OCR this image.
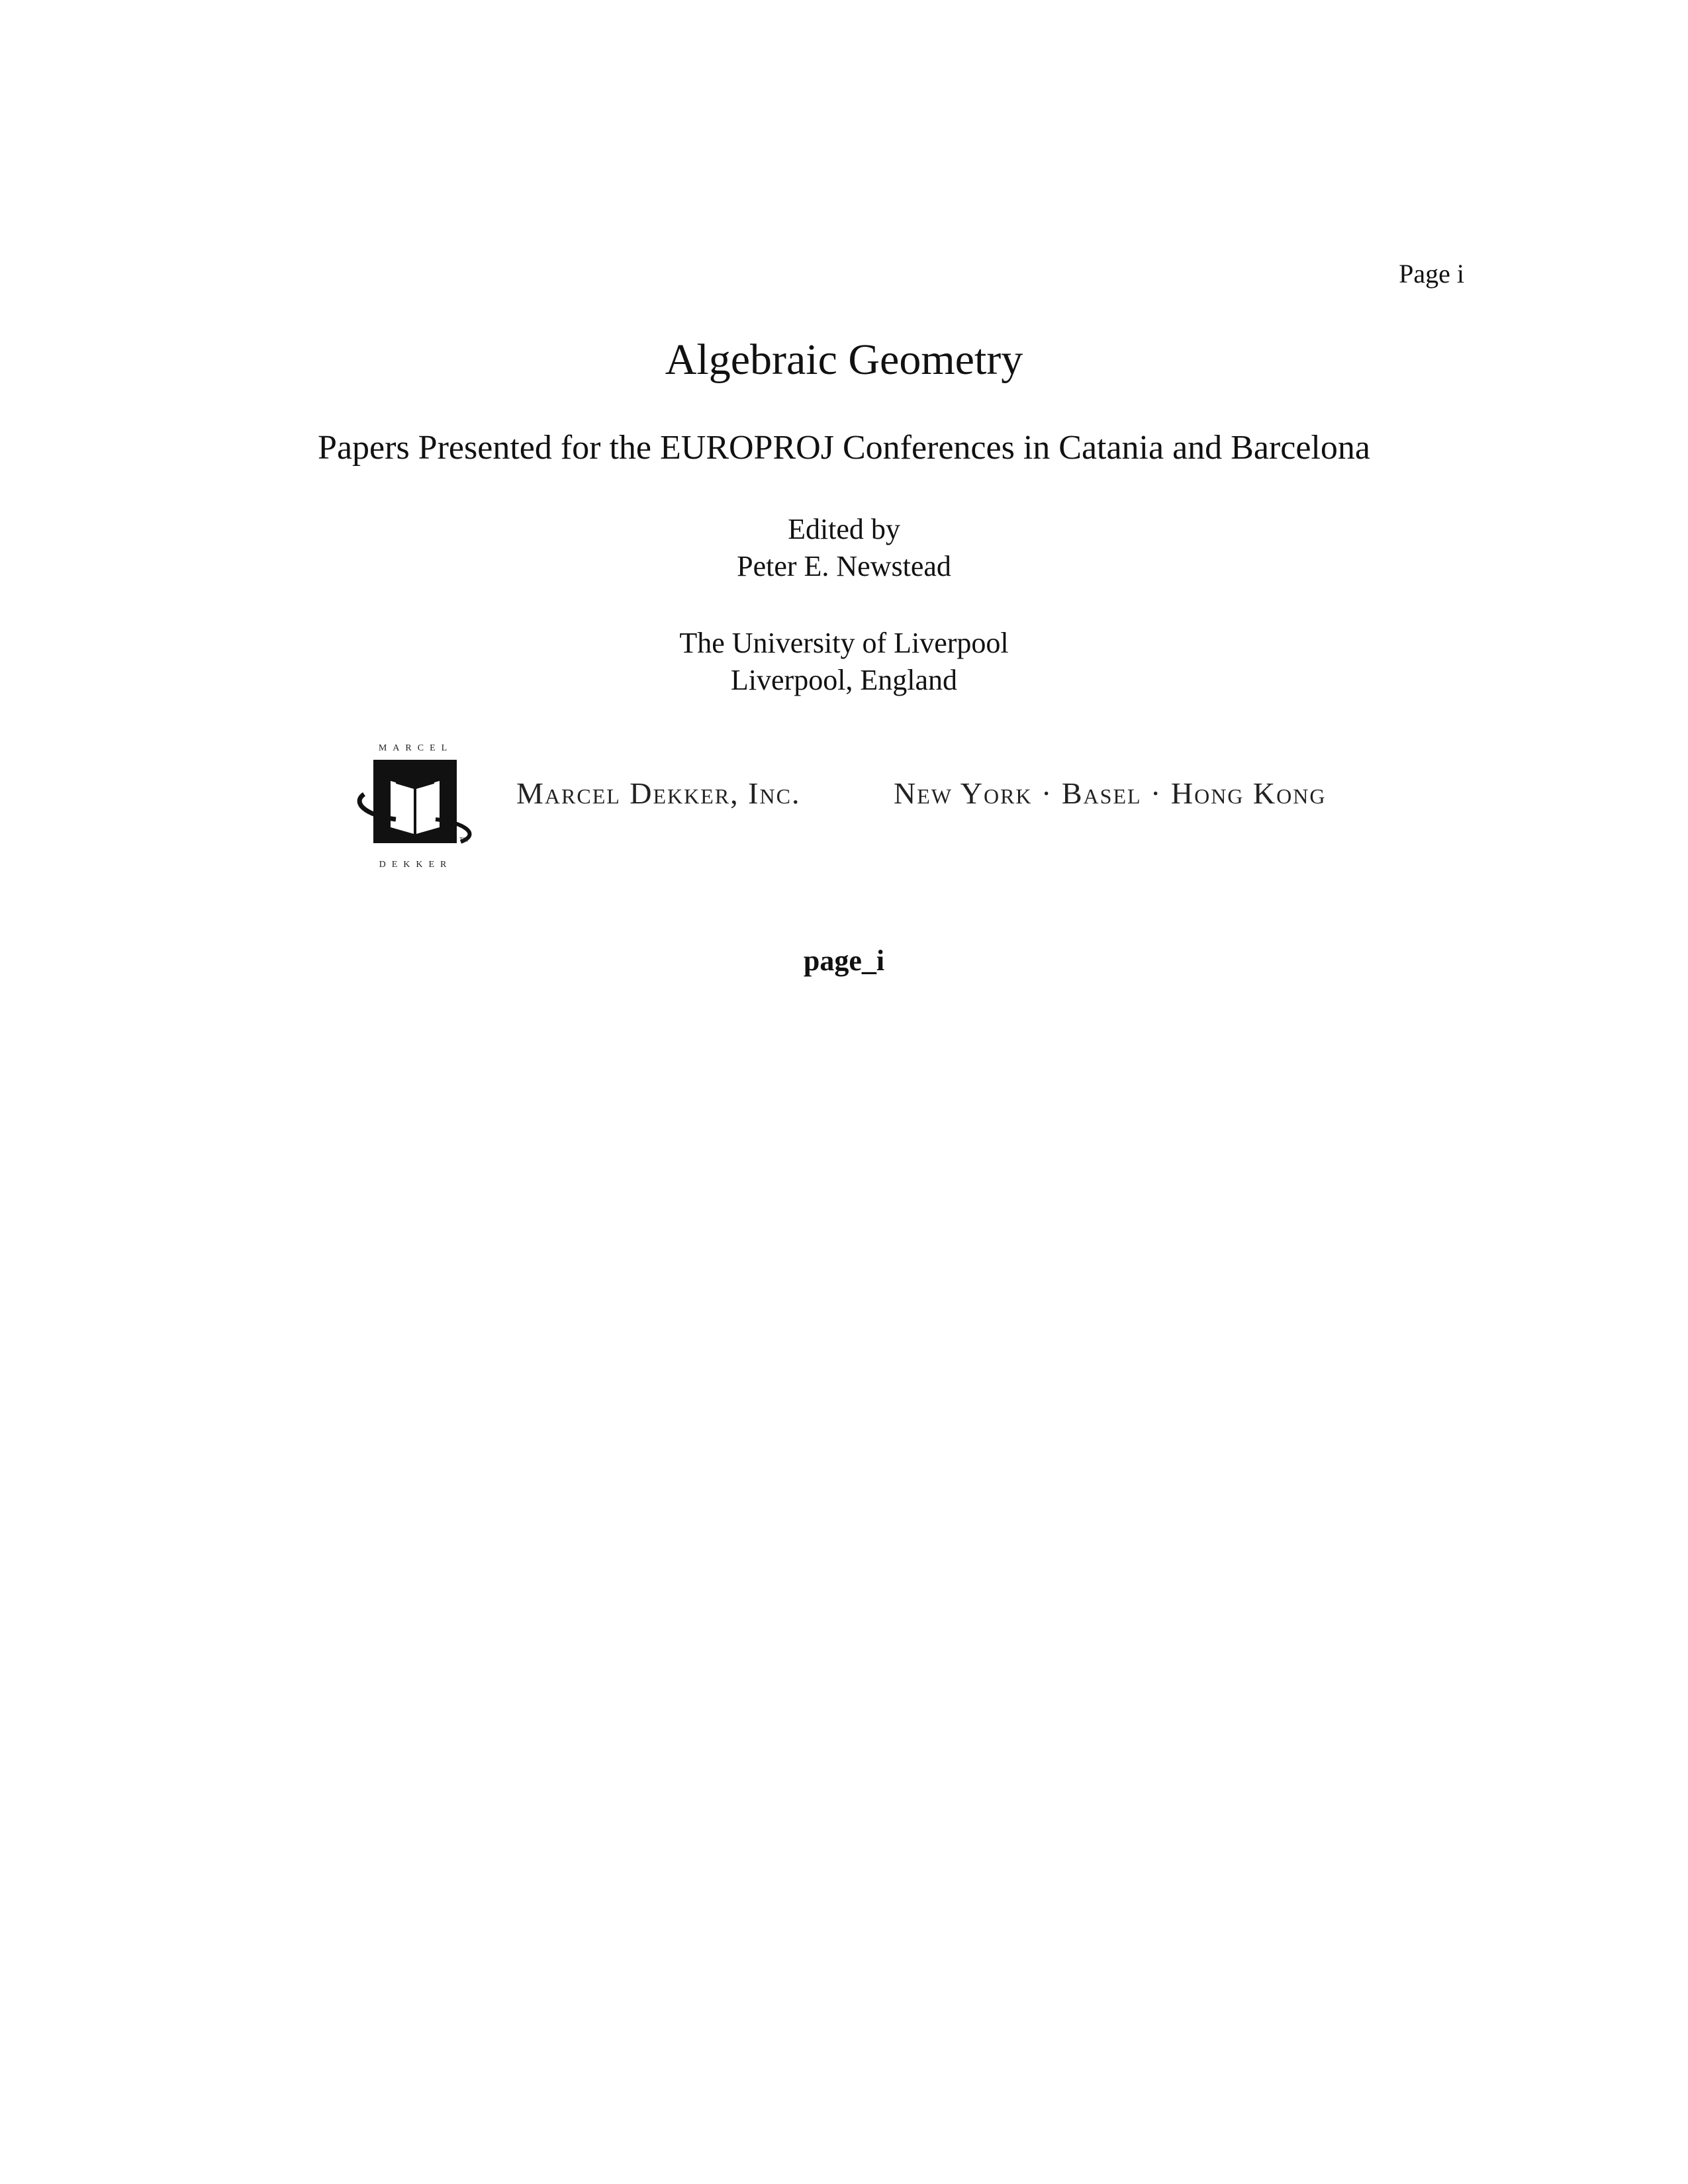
Page i
Algebraic Geometry
Papers Presented for the EUROPROJ Conferences in Catania and Barcelona
Edited by
Peter E. Newstead
The University of Liverpool
Liverpool, England
MARCEL
TM
DEKKER
Marcel Dekker, Inc.	New York · Basel · Hong Kong
page_i
